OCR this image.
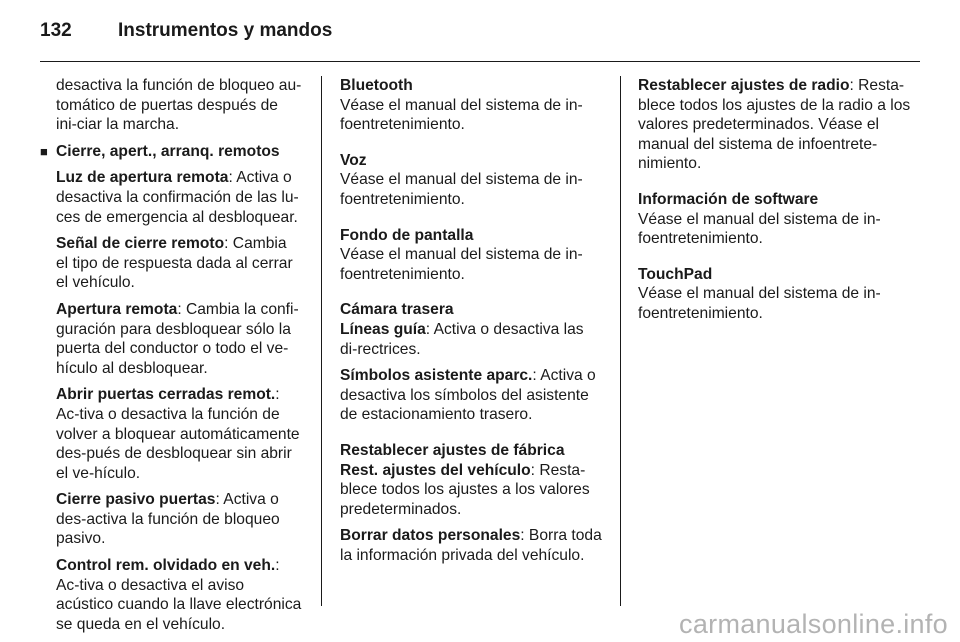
132 Instrumentos y mandos
desactiva la función de bloqueo au-tomático de puertas después de ini-ciar la marcha.
■ Cierre, apert., arranq. remotos
Luz de apertura remota: Activa o desactiva la confirmación de las lu-ces de emergencia al desbloquear.
Señal de cierre remoto: Cambia el tipo de respuesta dada al cerrar el vehículo.
Apertura remota: Cambia la confi-guración para desbloquear sólo la puerta del conductor o todo el ve-hículo al desbloquear.
Abrir puertas cerradas remot.: Ac-tiva o desactiva la función de volver a bloquear automáticamente des-pués de desbloquear sin abrir el ve-hículo.
Cierre pasivo puertas: Activa o des-activa la función de bloqueo pasivo.
Control rem. olvidado en veh.: Ac-tiva o desactiva el aviso acústico cuando la llave electrónica se queda en el vehículo.
Bluetooth
Véase el manual del sistema de in-foentretenimiento.
Voz
Véase el manual del sistema de in-foentretenimiento.
Fondo de pantalla
Véase el manual del sistema de in-foentretenimiento.
Cámara trasera
Líneas guía: Activa o desactiva las di-rectrices.
Símbolos asistente aparc.: Activa o desactiva los símbolos del asistente de estacionamiento trasero.
Restablecer ajustes de fábrica
Rest. ajustes del vehículo: Resta-blece todos los ajustes a los valores predeterminados.
Borrar datos personales: Borra toda la información privada del vehículo.
Restablecer ajustes de radio: Resta-blece todos los ajustes de la radio a los valores predeterminados. Véase el manual del sistema de infoentrete-nimiento.
Información de software
Véase el manual del sistema de in-foentretenimiento.
TouchPad
Véase el manual del sistema de in-foentretenimiento.
carmanualsonline.info
